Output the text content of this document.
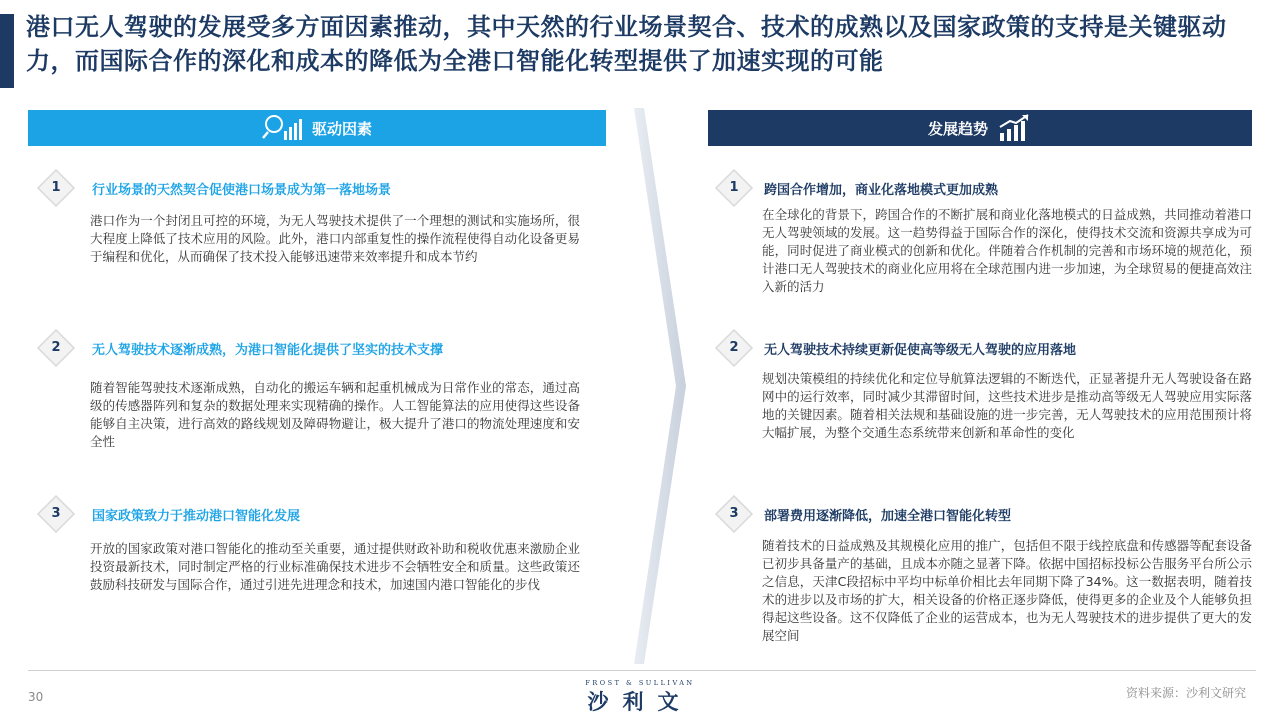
港口无人驾驶的发展受多方面因素推动，其中天然的行业场景契合、技术的成熟以及国家政策的支持是关键驱动力，而国际合作的深化和成本的降低为全港口智能化转型提供了加速实现的可能
驱动因素	发展趋势
1	行业场景的天然契合促使港口场景成为第一落地场景
港口作为一个封闭且可控的环境，为无人驾驶技术提供了一个理想的测试和实施场所，很大程度上降低了技术应用的风险。此外，港口内部重复性的操作流程使得自动化设备更易于编程和优化，从而确保了技术投入能够迅速带来效率提升和成本节约
2	无人驾驶技术逐渐成熟，为港口智能化提供了坚实的技术支撑
随着智能驾驶技术逐渐成熟，自动化的搬运车辆和起重机械成为日常作业的常态，通过高级的传感器阵列和复杂的数据处理来实现精确的操作。人工智能算法的应用使得这些设备能够自主决策，进行高效的路线规划及障碍物避让，极大提升了港口的物流处理速度和安全性
3	国家政策致力于推动港口智能化发展
开放的国家政策对港口智能化的推动至关重要，通过提供财政补助和税收优惠来激励企业投资最新技术，同时制定严格的行业标准确保技术进步不会牺牲安全和质量。这些政策还鼓励科技研发与国际合作，通过引进先进理念和技术，加速国内港口智能化的步伐
1	跨国合作增加，商业化落地模式更加成熟
在全球化的背景下，跨国合作的不断扩展和商业化落地模式的日益成熟，共同推动着港口无人驾驶领域的发展。这一趋势得益于国际合作的深化，使得技术交流和资源共享成为可能，同时促进了商业模式的创新和优化。伴随着合作机制的完善和市场环境的规范化，预计港口无人驾驶技术的商业化应用将在全球范围内进一步加速，为全球贸易的便捷高效注入新的活力
2	无人驾驶技术持续更新促使高等级无人驾驶的应用落地
规划决策模组的持续优化和定位导航算法逻辑的不断迭代，正显著提升无人驾驶设备在路网中的运行效率，同时减少其滞留时间，这些技术进步是推动高等级无人驾驶应用实际落地的关键因素。随着相关法规和基础设施的进一步完善，无人驾驶技术的应用范围预计将大幅扩展，为整个交通生态系统带来创新和革命性的变化
3	部署费用逐渐降低，加速全港口智能化转型
随着技术的日益成熟及其规模化应用的推广，包括但不限于线控底盘和传感器等配套设备已初步具备量产的基础，且成本亦随之显著下降。依据中国招标投标公告服务平台所公示之信息，天津C段招标中平均中标单价相比去年同期下降了34%。这一数据表明，随着技术的进步以及市场的扩大，相关设备的价格正逐步降低，使得更多的企业及个人能够负担得起这些设备。这不仅降低了企业的运营成本，也为无人驾驶技术的进步提供了更大的发展空间
30
FROST & SULLIVAN
沙利文	资料来源：沙利文研究
